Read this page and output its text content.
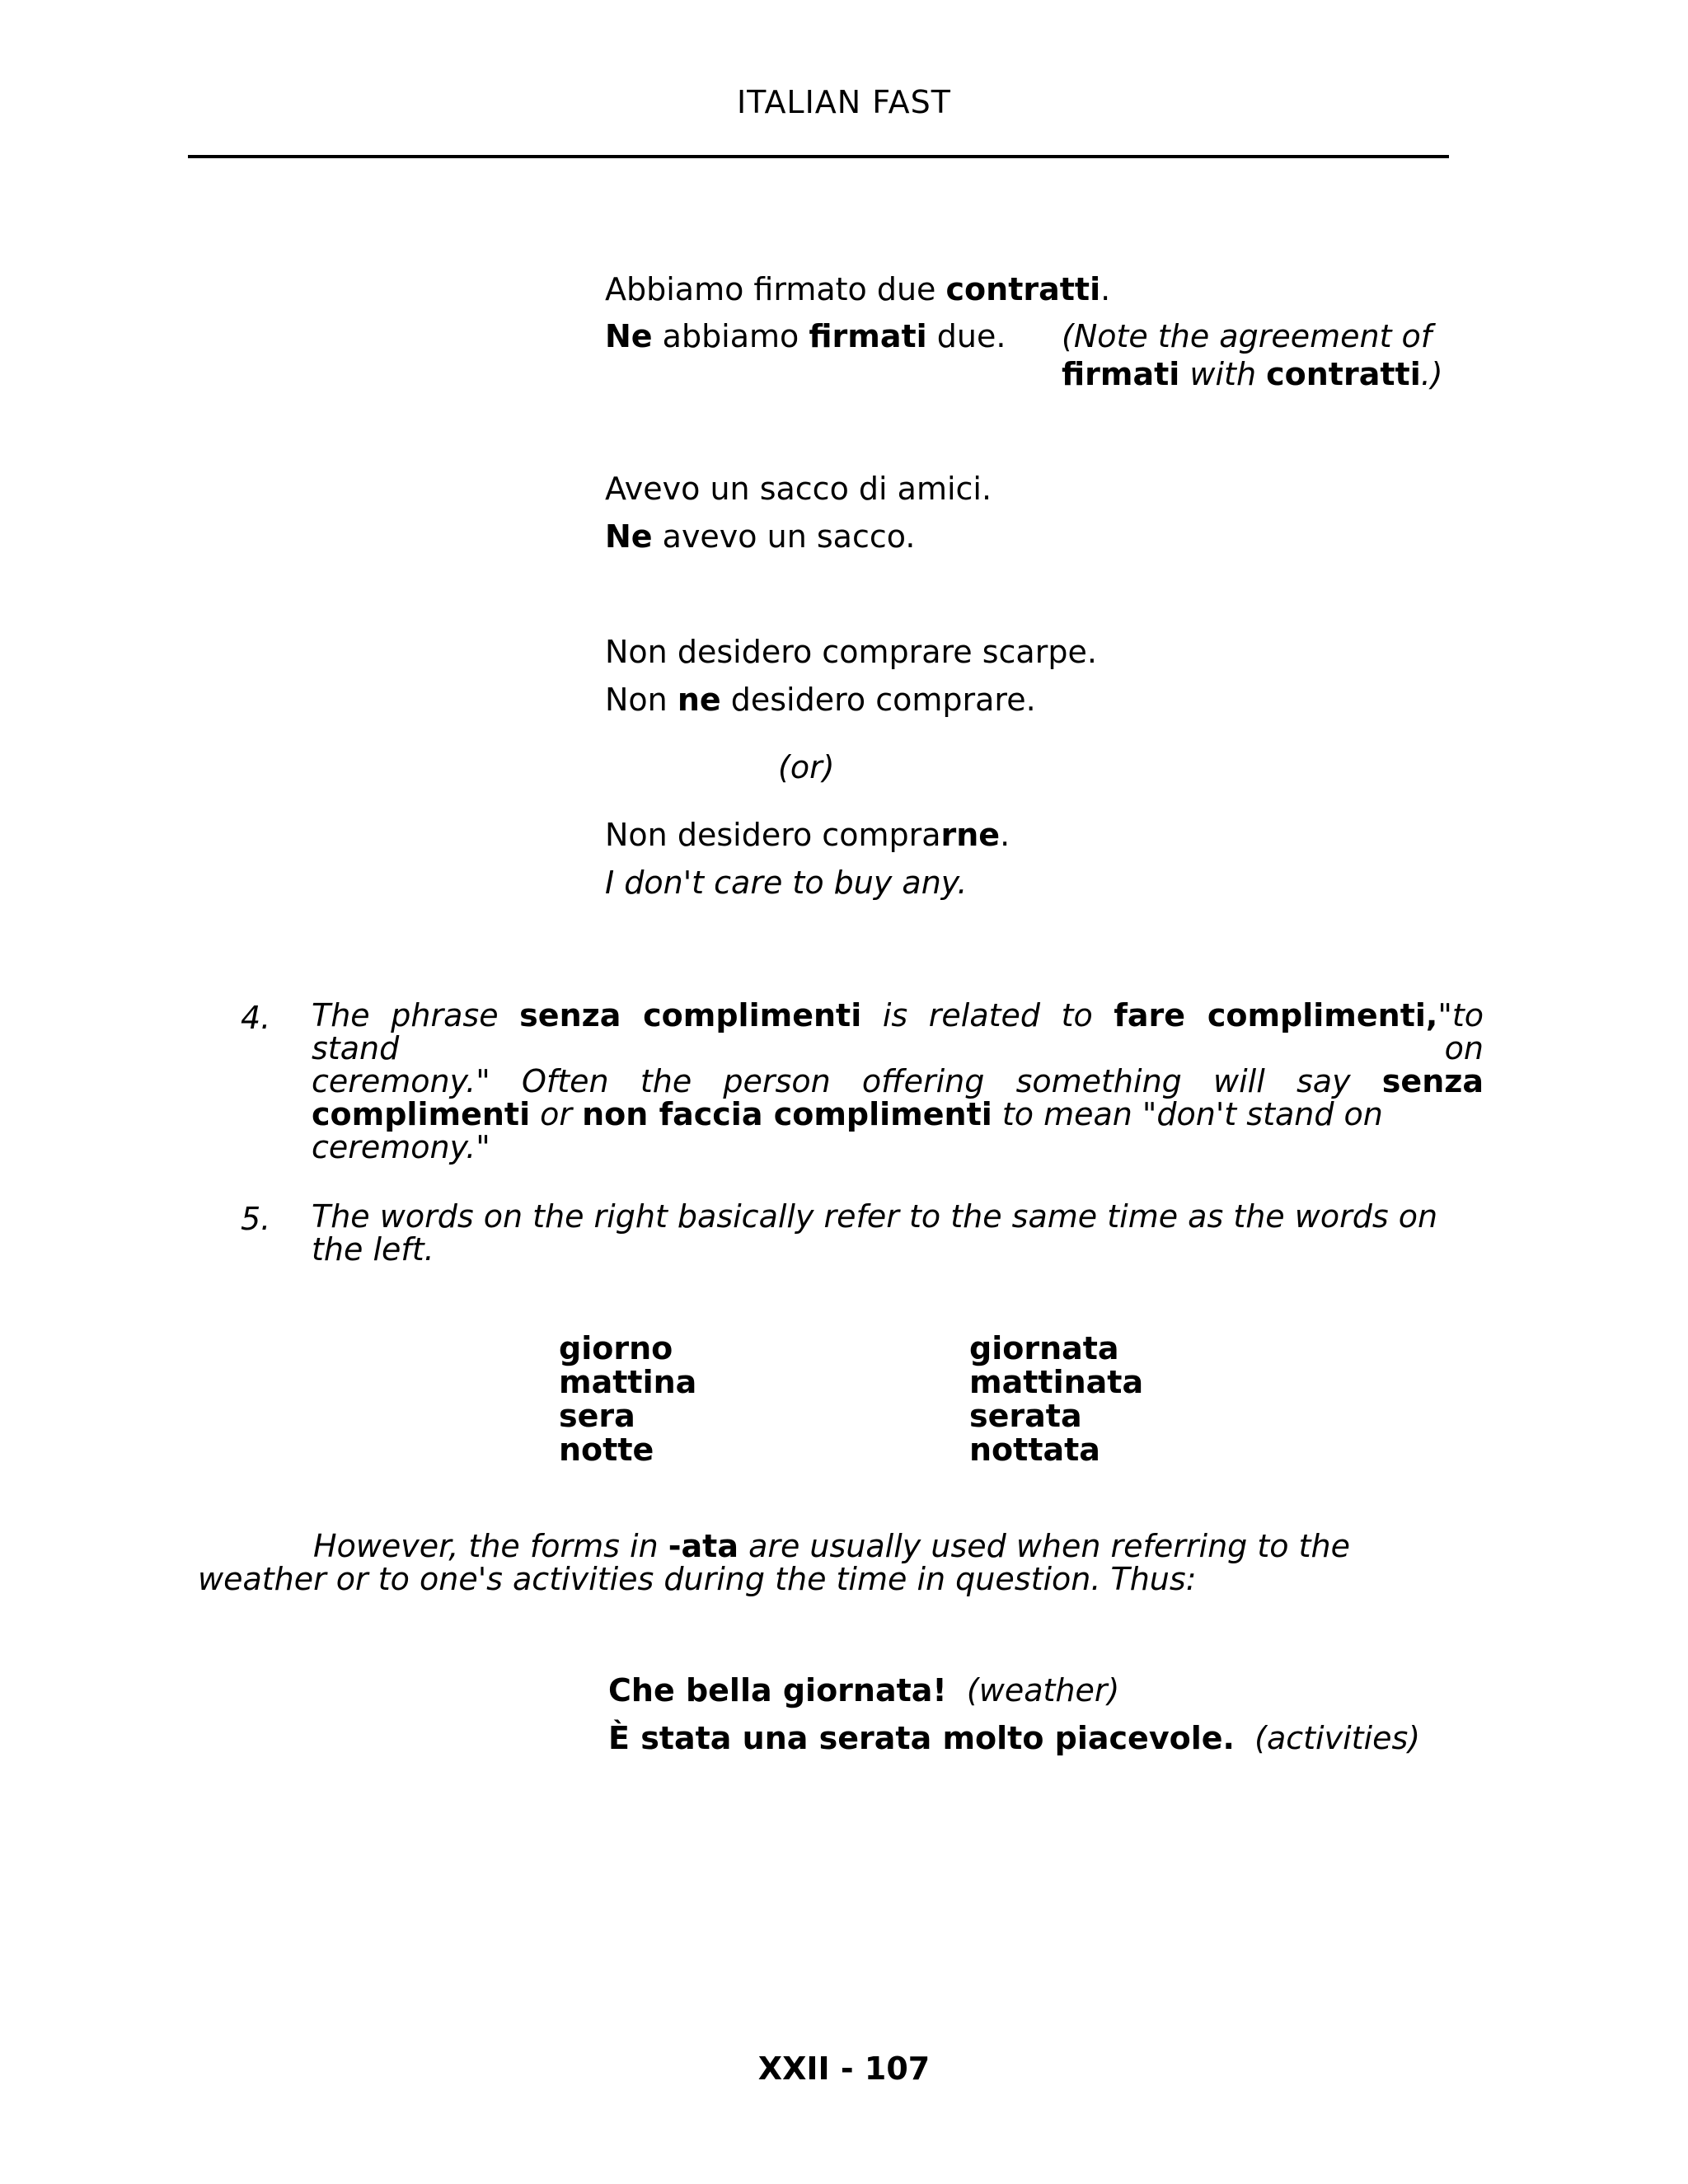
ITALIAN FAST
Abbiamo firmato due contratti.
Ne abbiamo firmati due. (Note the agreement of
firmati with contratti.)
Avevo un sacco di amici.
Ne avevo un sacco.
Non desidero comprare scarpe.
Non ne desidero comprare.
(or)
Non desidero comprarne.
I don't care to buy any.
4. The phrase senza complimenti is related to fare complimenti,"to stand on
ceremony." Often the person offering something will say senza
complimenti or non faccia complimenti to mean "don't stand on ceremony."
5. The words on the right basically refer to the same time as the words on the left.
giorno
mattina
sera
notte
giornata
mattinata
serata
nottata
However, the forms in -ata are usually used when referring to the weather or to one's activities during the time in question. Thus:
Che bella giornata! (weather)
È stata una serata molto piacevole. (activities)
XXII - 107
